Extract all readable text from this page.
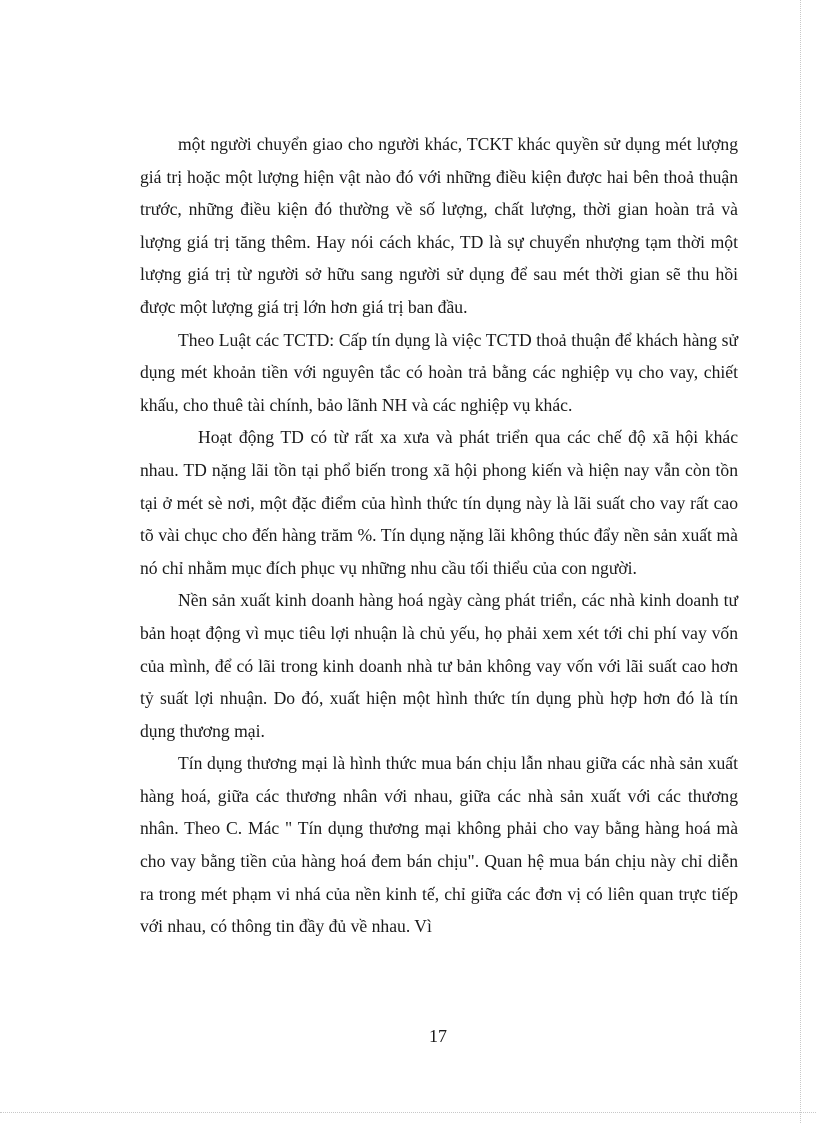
một người chuyển giao cho người khác, TCKT khác quyền sử dụng mét lượng giá trị hoặc một lượng hiện vật nào đó với những điều kiện được hai bên thoả thuận trước, những điều kiện đó thường về số lượng, chất lượng, thời gian hoàn trả và lượng giá trị tăng thêm. Hay nói cách khác, TD là sự chuyển nhượng tạm thời một lượng giá trị từ người sở hữu sang người sử dụng để sau mét thời gian sẽ thu hồi được một lượng giá trị lớn hơn giá trị ban đầu.

Theo Luật các TCTD: Cấp tín dụng là việc TCTD thoả thuận để khách hàng sử dụng mét khoản tiền với nguyên tắc có hoàn trả bằng các nghiệp vụ cho vay, chiết khấu, cho thuê tài chính, bảo lãnh NH và các nghiệp vụ khác.

Hoạt động TD có từ rất xa xưa và phát triển qua các chế độ xã hội khác nhau. TD nặng lãi tồn tại phổ biến trong xã hội phong kiến và hiện nay vẫn còn tồn tại ở mét sè nơi, một đặc điểm của hình thức tín dụng này là lãi suất cho vay rất cao tõ vài chục cho đến hàng trăm %. Tín dụng nặng lãi không thúc đẩy nền sản xuất mà nó chỉ nhằm mục đích phục vụ những nhu cầu tối thiểu của con người.

Nền sản xuất kinh doanh hàng hoá ngày càng phát triển, các nhà kinh doanh tư bản hoạt động vì mục tiêu lợi nhuận là chủ yếu, họ phải xem xét tới chi phí vay vốn của mình, để có lãi trong kinh doanh nhà tư bản không vay vốn với lãi suất cao hơn tỷ suất lợi nhuận. Do đó, xuất hiện một hình thức tín dụng phù hợp hơn đó là tín dụng thương mại.

Tín dụng thương mại là hình thức mua bán chịu lẫn nhau giữa các nhà sản xuất hàng hoá, giữa các thương nhân với nhau, giữa các nhà sản xuất với các thương nhân. Theo C. Mác " Tín dụng thương mại không phải cho vay bằng hàng hoá mà cho vay bằng tiền của hàng hoá đem bán chịu". Quan hệ mua bán chịu này chỉ diễn ra trong mét phạm vi nhá của nền kinh tế, chỉ giữa các đơn vị có liên quan trực tiếp với nhau, có thông tin đầy đủ về nhau. Vì

17
